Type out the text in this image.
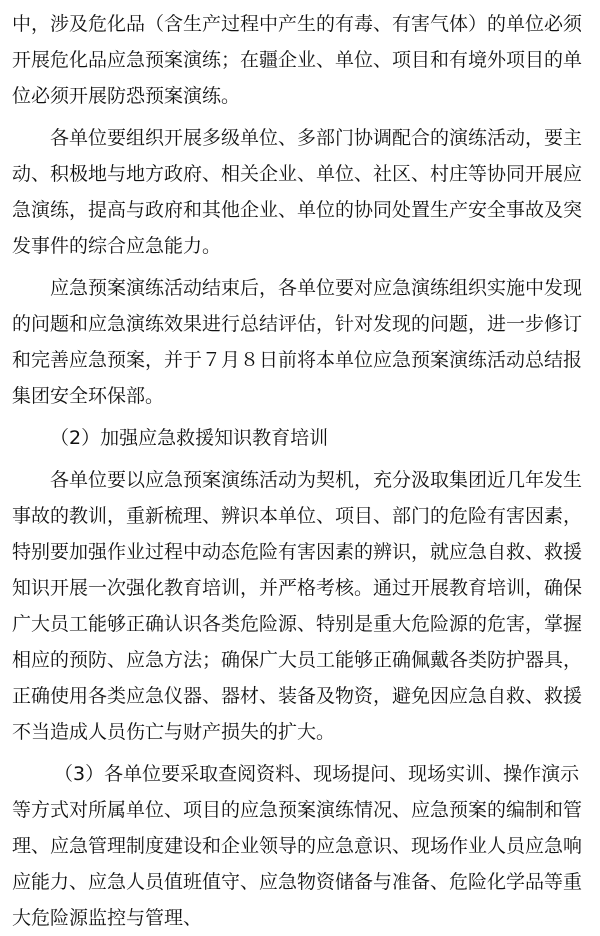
中，涉及危化品（含生产过程中产生的有毒、有害气体）的单位必须开展危化品应急预案演练；在疆企业、单位、项目和有境外项目的单位必须开展防恐预案演练。

各单位要组织开展多级单位、多部门协调配合的演练活动，要主动、积极地与地方政府、相关企业、单位、社区、村庄等协同开展应急演练，提高与政府和其他企业、单位的协同处置生产安全事故及突发事件的综合应急能力。

应急预案演练活动结束后，各单位要对应急演练组织实施中发现的问题和应急演练效果进行总结评估，针对发现的问题，进一步修订和完善应急预案，并于７月８日前将本单位应急预案演练活动总结报集团安全环保部。

（2）加强应急救援知识教育培训

各单位要以应急预案演练活动为契机，充分汲取集团近几年发生事故的教训，重新梳理、辨识本单位、项目、部门的危险有害因素，特别要加强作业过程中动态危险有害因素的辨识，就应急自救、救援知识开展一次强化教育培训，并严格考核。通过开展教育培训，确保广大员工能够正确认识各类危险源、特别是重大危险源的危害，掌握相应的预防、应急方法；确保广大员工能够正确佩戴各类防护器具，正确使用各类应急仪器、器材、装备及物资，避免因应急自救、救援不当造成人员伤亡与财产损失的扩大。

（3）各单位要采取查阅资料、现场提问、现场实训、操作演示等方式对所属单位、项目的应急预案演练情况、应急预案的编制和管理、应急管理制度建设和企业领导的应急意识、现场作业人员应急响应能力、应急人员值班值守、应急物资储备与准备、危险化学品等重大危险源监控与管理、
